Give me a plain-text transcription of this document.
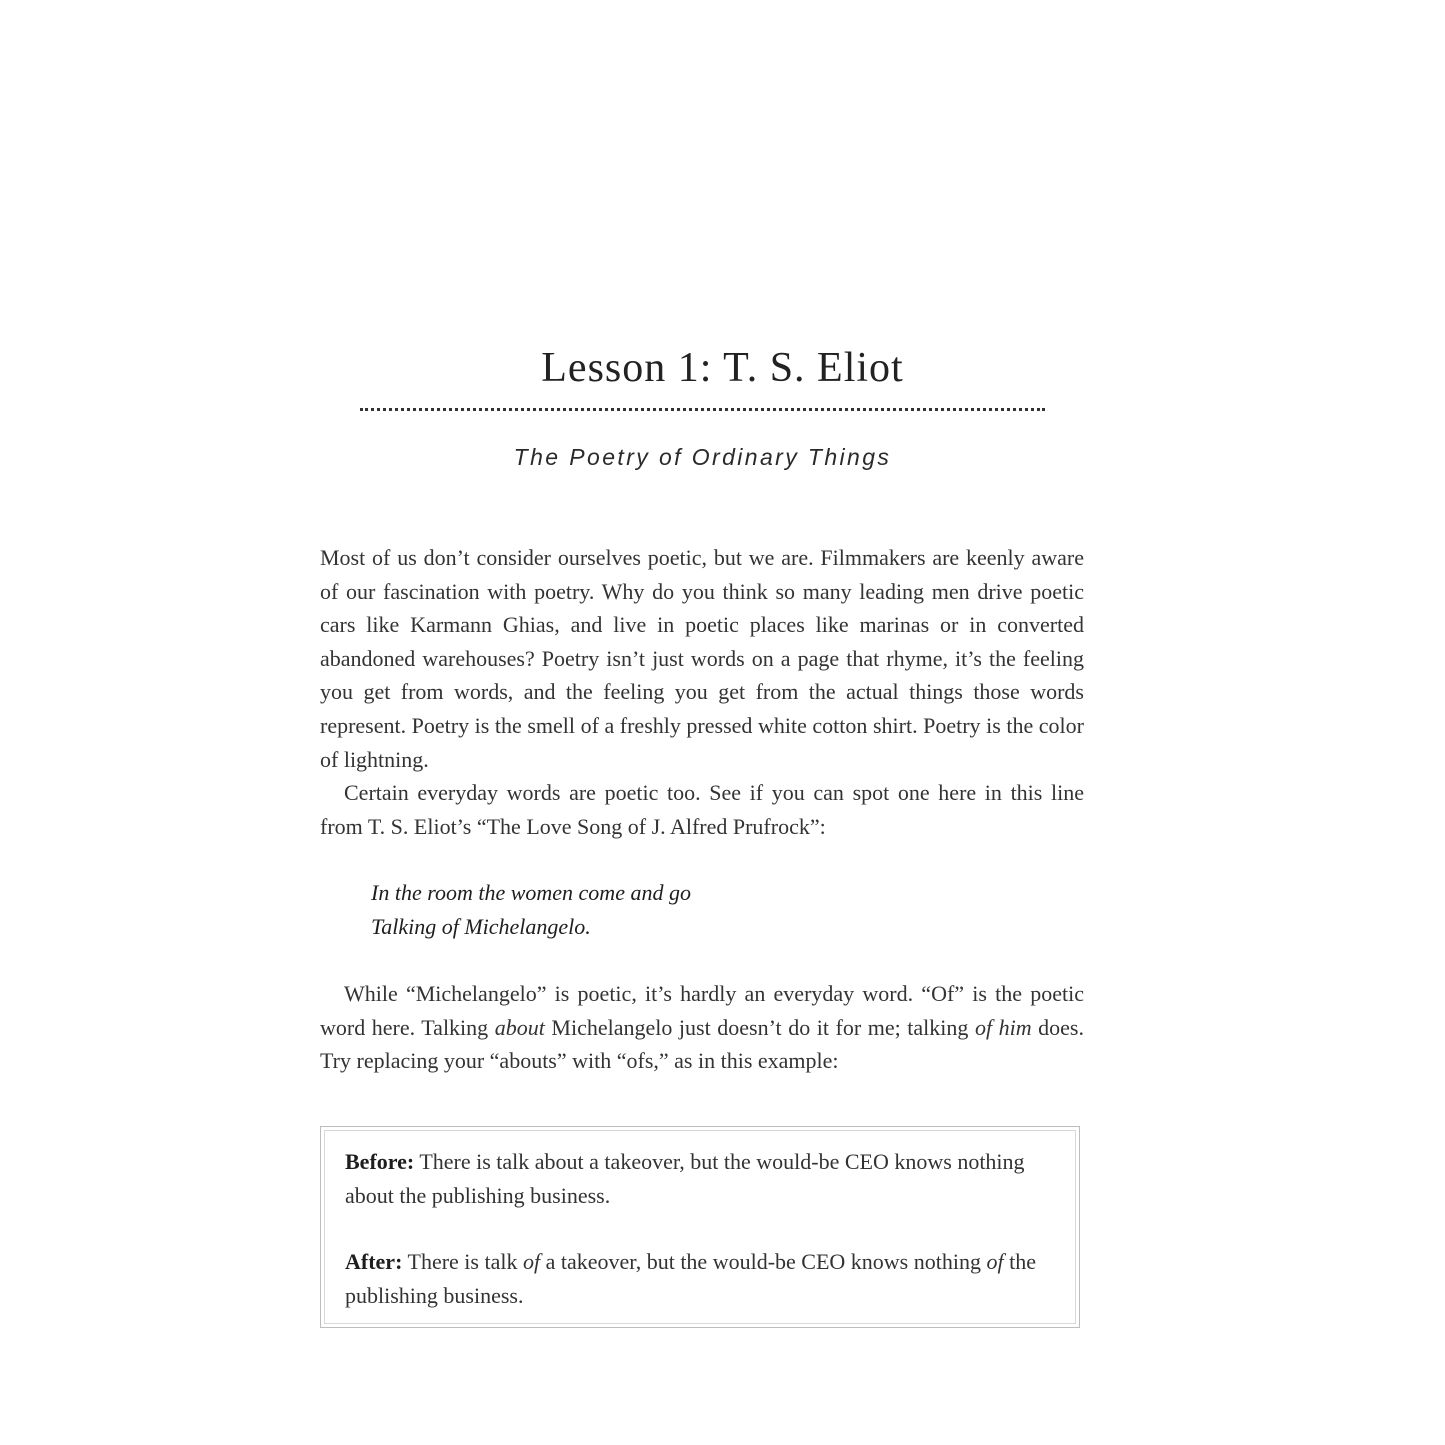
Lesson 1: T. S. Eliot
The Poetry of Ordinary Things

Most of us don’t consider ourselves poetic, but we are. Filmmakers are keenly aware of our fascination with poetry. Why do you think so many leading men drive poetic cars like Karmann Ghias, and live in poetic places like marinas or in converted abandoned warehouses? Poetry isn’t just words on a page that rhyme, it’s the feeling you get from words, and the feeling you get from the actual things those words represent. Poetry is the smell of a freshly pressed white cotton shirt. Poetry is the color of lightning.

Certain everyday words are poetic too. See if you can spot one here in this line from T. S. Eliot’s “The Love Song of J. Alfred Prufrock”:

In the room the women come and go
Talking of Michelangelo.

While “Michelangelo” is poetic, it’s hardly an everyday word. “Of” is the poetic word here. Talking about Michelangelo just doesn’t do it for me; talking of him does. Try replacing your “abouts” with “ofs,” as in this example:

Before: There is talk about a takeover, but the would-be CEO knows nothing about the publishing business.

After: There is talk of a takeover, but the would-be CEO knows nothing of the publishing business.
